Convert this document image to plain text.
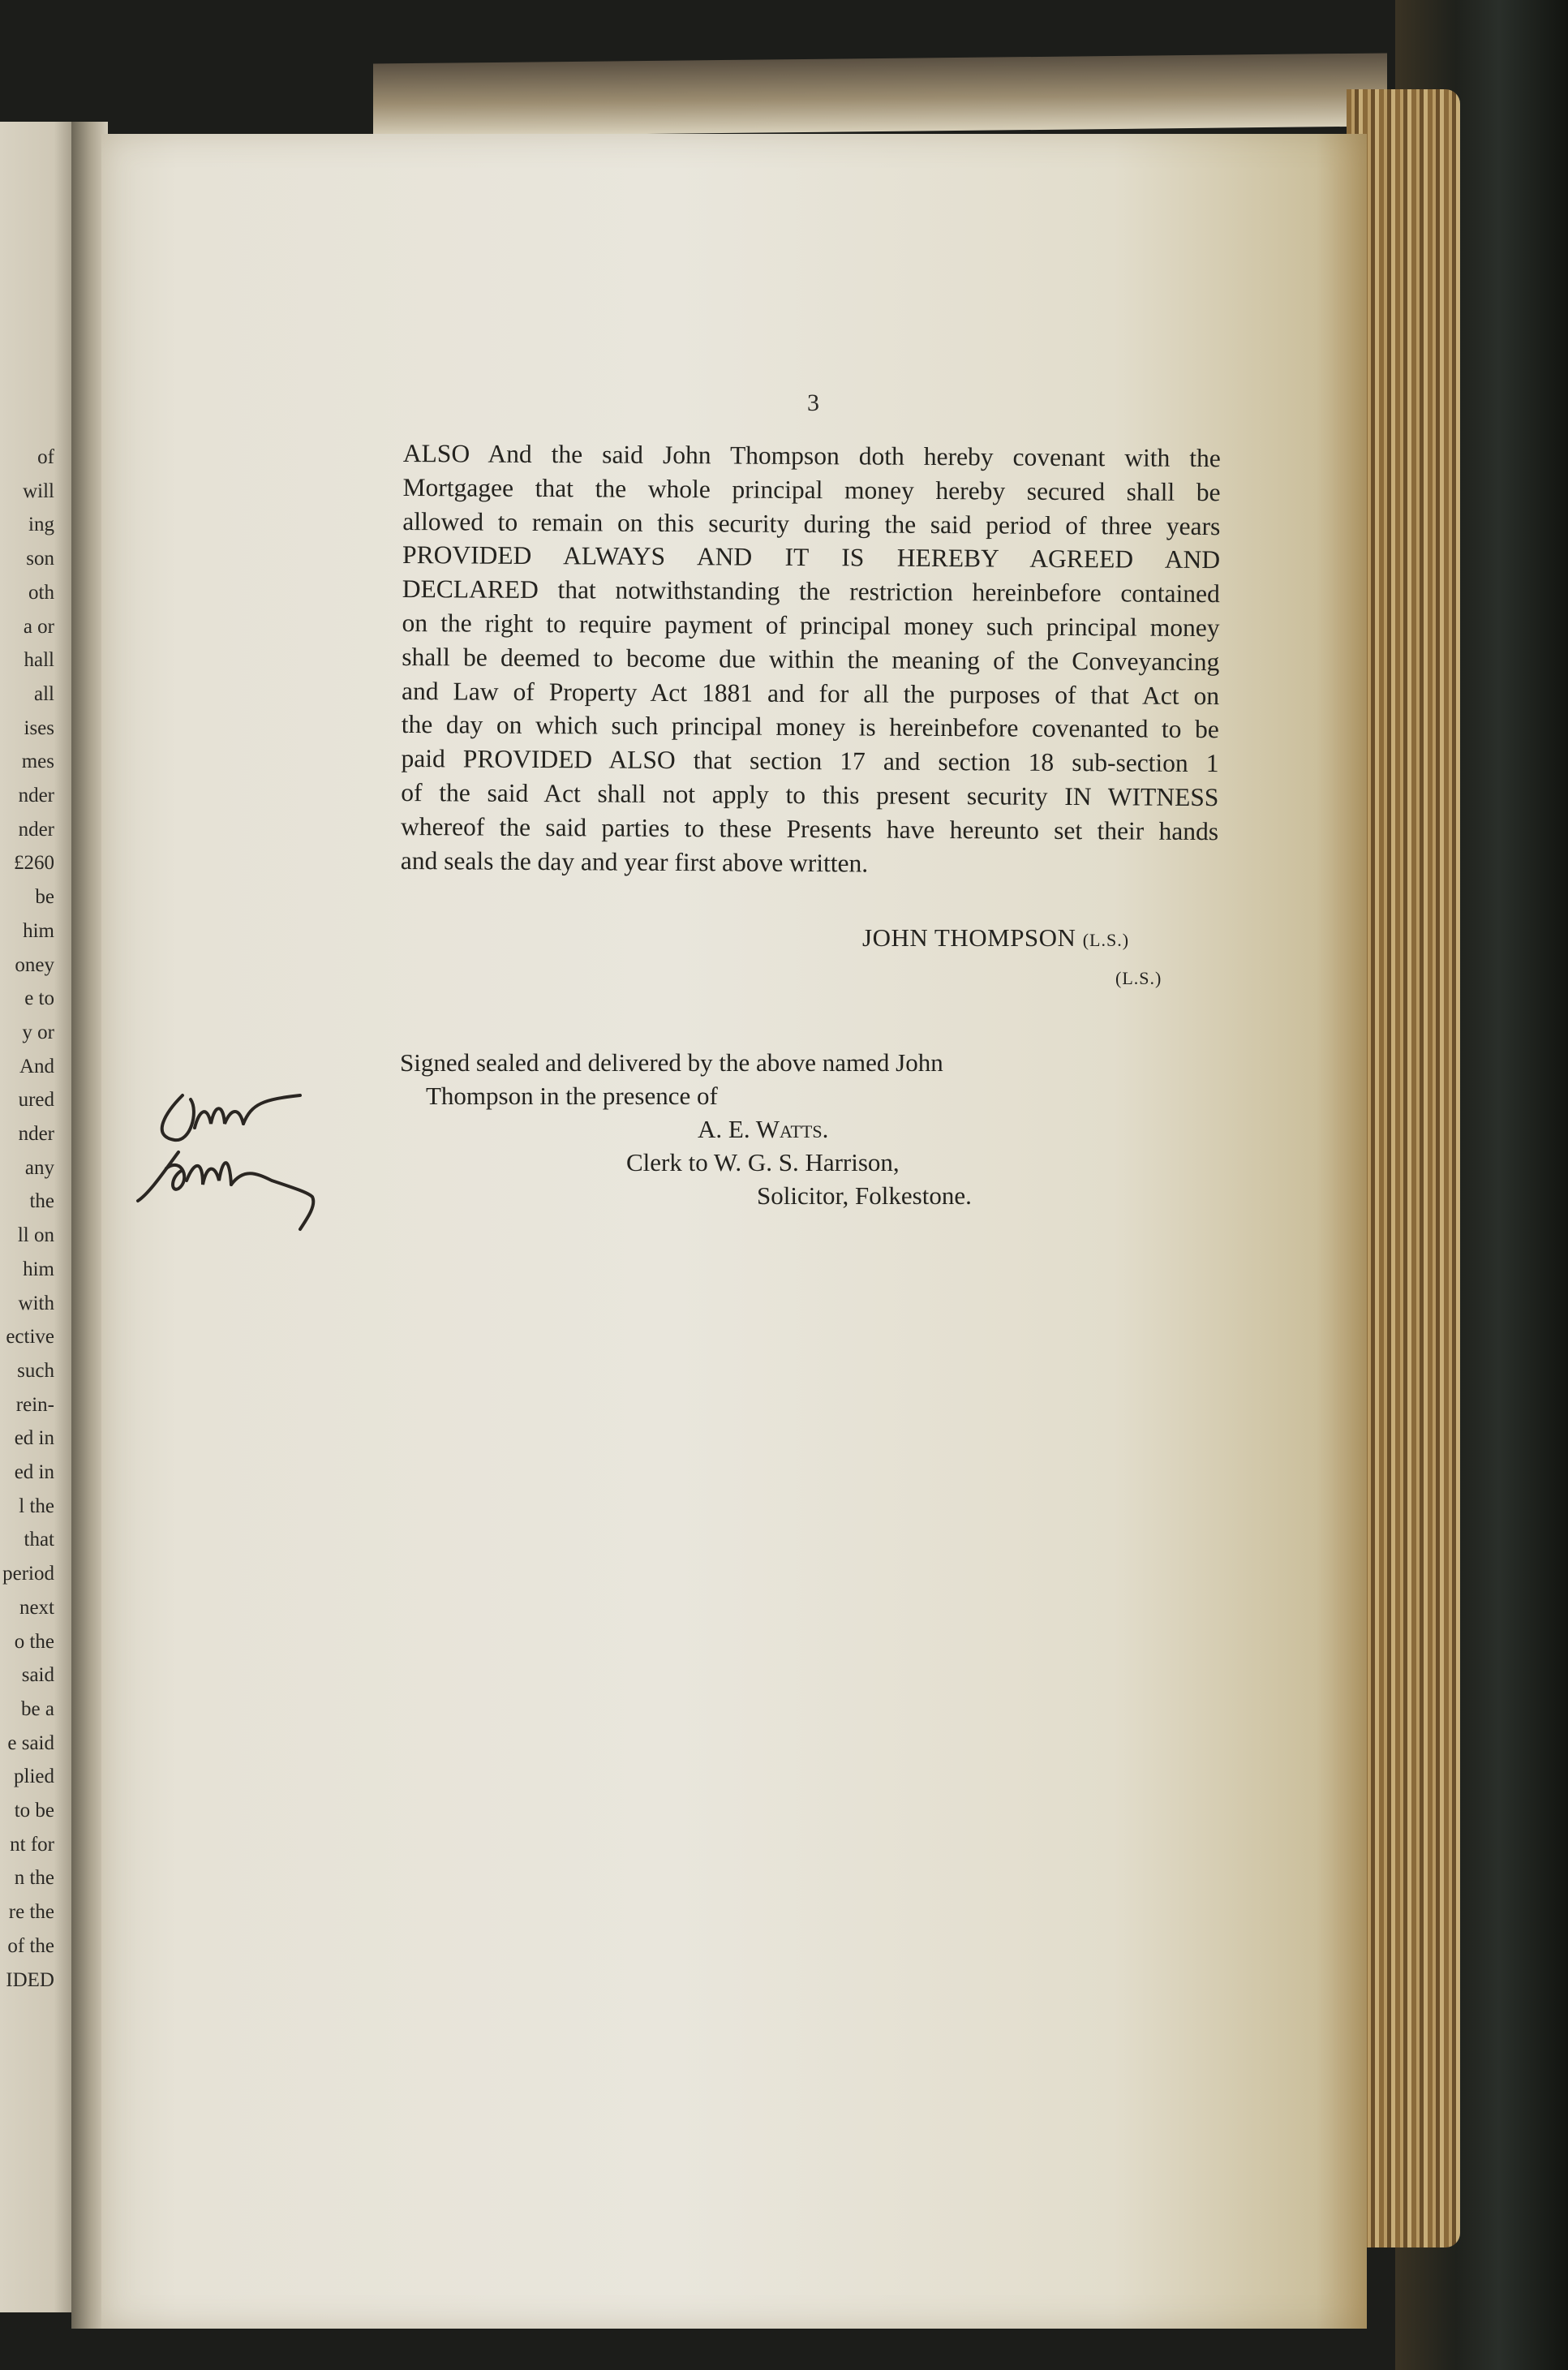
of
will
ing
son
oth
a or
hall
all
ises
mes
nder
nder
£260
be
him
oney
e to
y or
And
ured
nder
any
the
ll on
him
with
ective
such
rein-
ed in
ed in
l the
that
period
next
o the
said
be a
e said
plied
to be
nt for
n the
re the
of the
IDED
3
ALSO And the said John Thompson doth hereby covenant with the
Mortgagee that the whole principal money hereby secured shall be
allowed to remain on this security during the said period of three years
PROVIDED ALWAYS AND IT IS HEREBY AGREED AND
DECLARED that notwithstanding the restriction hereinbefore contained
on the right to require payment of principal money such principal money
shall be deemed to become due within the meaning of the Conveyancing
and Law of Property Act 1881 and for all the purposes of that Act on
the day on which such principal money is hereinbefore covenanted to be
paid PROVIDED ALSO that section 17 and section 18 sub-section 1
of the said Act shall not apply to this present security IN WITNESS
whereof the said parties to these Presents have hereunto set their hands
and seals the day and year first above written.
JOHN THOMPSON (L.S.)
(L.S.)
Signed sealed and delivered by the above named John
Thompson in the presence of
A. E. Watts.
Clerk to W. G. S. Harrison,
Solicitor, Folkestone.
